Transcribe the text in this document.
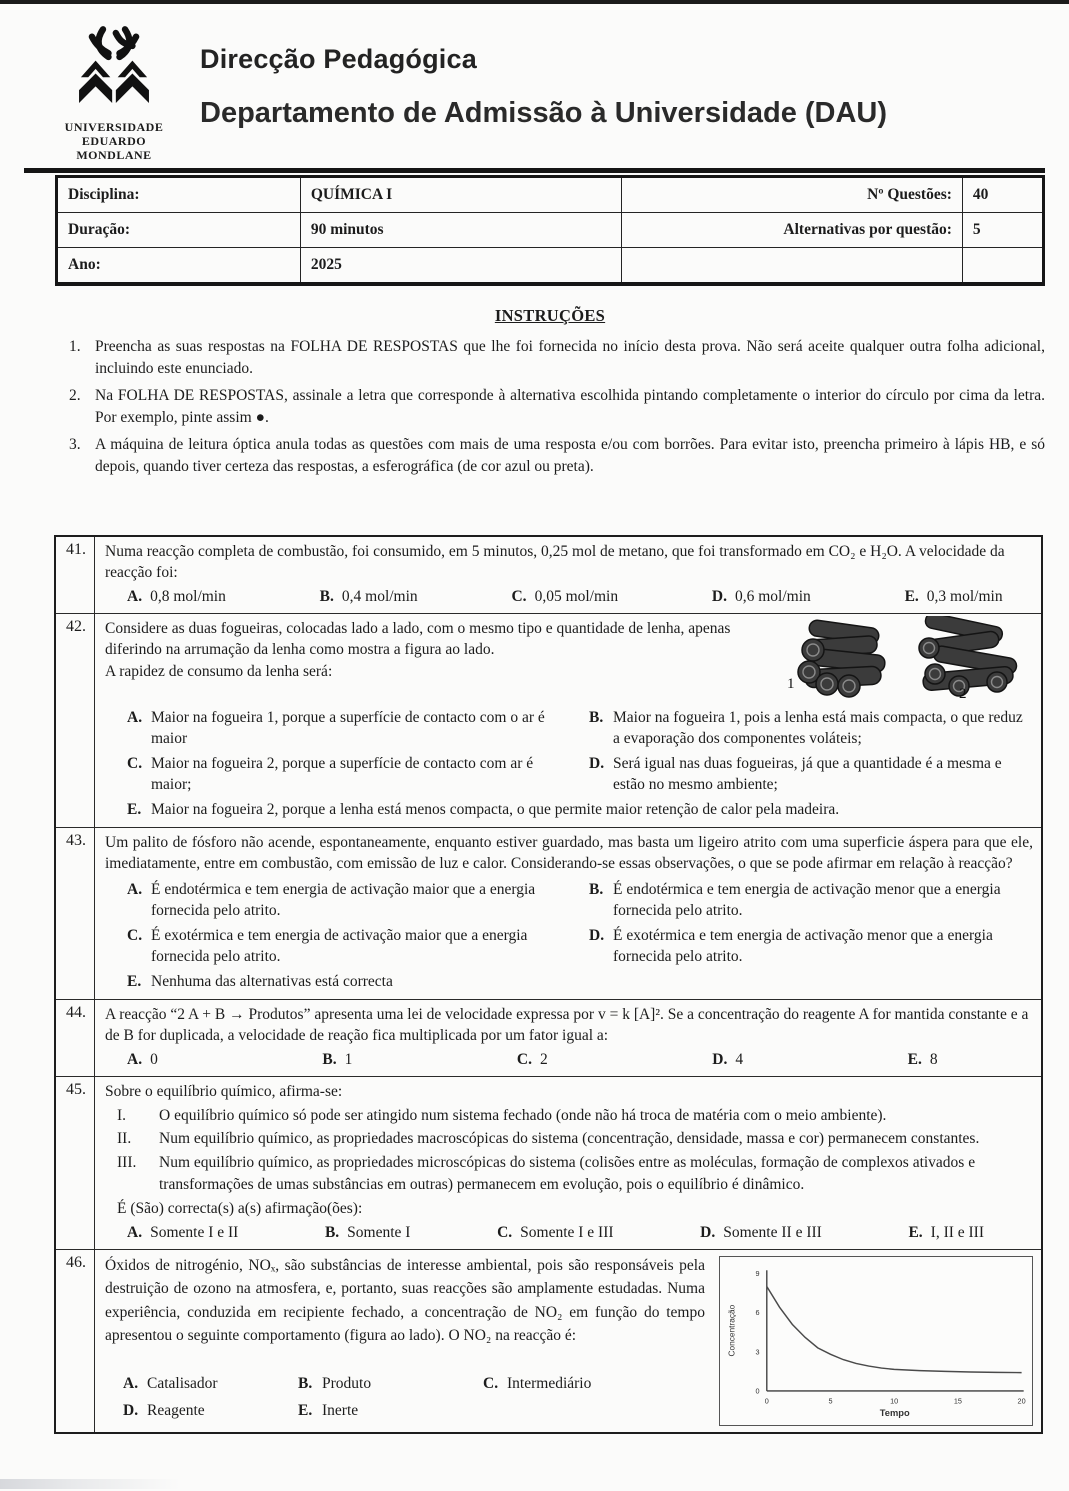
UNIVERSIDADE
EDUARDO
MONDLANE
Direcção Pedagógica
Departamento de Admissão à Universidade (DAU)
Disciplina:	QUÍMICA I	Nº Questões:	40
Duração:	90 minutos	Alternativas por questão:	5
Ano:	2025		
INSTRUÇÕES
Preencha as suas respostas na FOLHA DE RESPOSTAS que lhe foi fornecida no início desta prova. Não será aceite qualquer outra folha adicional, incluindo este enunciado.
Na FOLHA DE RESPOSTAS, assinale a letra que corresponde à alternativa escolhida pintando completamente o interior do círculo por cima da letra. Por exemplo, pinte assim ●.
A máquina de leitura óptica anula todas as questões com mais de uma resposta e/ou com borrões. Para evitar isto, preencha primeiro à lápis HB, e só depois, quando tiver certeza das respostas, a esferográfica (de cor azul ou preta).
41.	Numa reacção completa de combustão, foi consumido, em 5 minutos, 0,25 mol de metano, que foi transformado em CO₂ e H₂O. A velocidade da reacção foi:
A. 0,8 mol/min	B. 0,4 mol/min	C. 0,05 mol/min	D. 0,6 mol/min	E. 0,3 mol/min

42.	Considere as duas fogueiras, colocadas lado a lado, com o mesmo tipo e quantidade de lenha, apenas diferindo na arrumação da lenha como mostra a figura ao lado.
A rapidez de consumo da lenha será:
1
2
A. Maior na fogueira 1, porque a superfície de contacto com o ar é maior
B. Maior na fogueira 1, pois a lenha está mais compacta, o que reduz a evaporação dos componentes voláteis;
C. Maior na fogueira 2, porque a superfície de contacto com ar é maior;
D. Será igual nas duas fogueiras, já que a quantidade é a mesma e estão no mesmo ambiente;
E. Maior na fogueira 2, porque a lenha está menos compacta, o que permite maior retenção de calor pela madeira.

43.	Um palito de fósforo não acende, espontaneamente, enquanto estiver guardado, mas basta um ligeiro atrito com uma superficie áspera para que ele, imediatamente, entre em combustão, com emissão de luz e calor. Considerando-se essas observações, o que se pode afirmar em relação à reacção?
A. É endotérmica e tem energia de activação maior que a energia fornecida pelo atrito.
B. É endotérmica e tem energia de activação menor que a energia fornecida pelo atrito.
C. É exotérmica e tem energia de activação maior que a energia fornecida pelo atrito.
D. É exotérmica e tem energia de activação menor que a energia fornecida pelo atrito.
E. Nenhuma das alternativas está correcta

44.	A reacção “2 A + B → Produtos” apresenta uma lei de velocidade expressa por v = k [A]². Se a concentração do reagente A for mantida constante e a de B for duplicada, a velocidade de reação fica multiplicada por um fator igual a:
A. 0	B. 1	C. 2	D. 4	E. 8

45.	Sobre o equilíbrio químico, afirma-se:
I.	O equilíbrio químico só pode ser atingido num sistema fechado (onde não há troca de matéria com o meio ambiente).
II.	Num equilíbrio químico, as propriedades macroscópicas do sistema (concentração, densidade, massa e cor) permanecem constantes.
III.	Num equilíbrio químico, as propriedades microscópicas do sistema (colisões entre as moléculas, formação de complexos ativados e transformações de umas substâncias em outras) permanecem em evolução, pois o equilíbrio é dinâmico.
É (São) correcta(s) a(s) afirmação(ões):
A. Somente I e II	B. Somente I	C. Somente I e III	D. Somente II e III	E. I, II e III

46.	Óxidos de nitrogénio, NOₓ, são substâncias de interesse ambiental, pois são responsáveis pela destruição de ozono na atmosfera, e, portanto, suas reacções são amplamente estudadas. Numa experiência, conduzida em recipiente fechado, a concentração de NO₂ em função do tempo apresentou o seguinte comportamento (figura ao lado). O NO₂ na reacção é:
A. Catalisador	B. Produto	C. Intermediário
D. Reagente	E. Inerte
0	5	10	15	20
0
3
6
9
Tempo
Concentração
